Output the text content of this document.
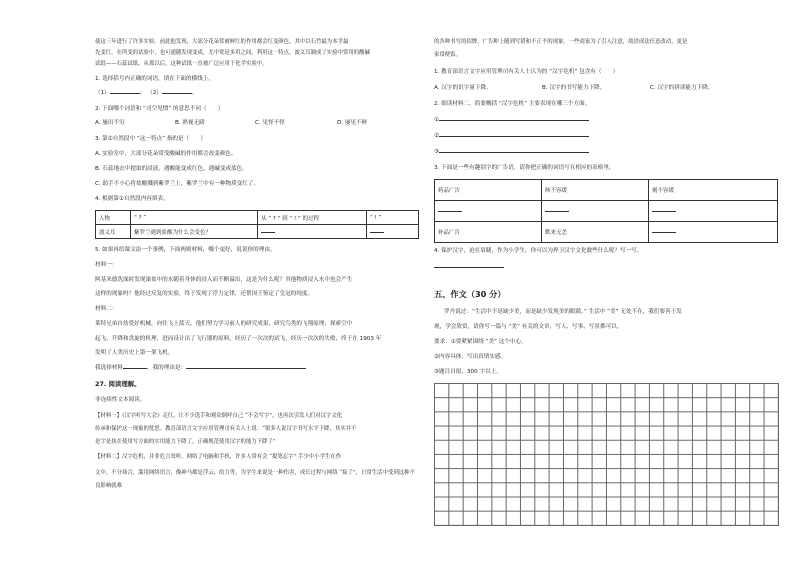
使这三年进行了许多实验。前此他发现，大部分花朵常被鲜红的作用都会红变颜色，其中以石竹最为本学最
先变红，在所变的试验中，也可通随发现变成，尤中宽是多用之间，利用这一特点，波义耳制成了实验中常用的酸碱
试纸——石蕊试纸。从那以后，这种试纸一直被广泛应用于化学实验中。
1. 选择括号内正确的词语，填在下面的横线上。
（1）	； （2）	。
2. 下面哪个词语和 “司空见惯” 的意思不同（　　）
A. 屡出不穷	B. 熟视无睹	C. 见怪不怪	D. 屡见不鲜
3. 第②自然段中 “这一特点” 指的是（　　）
A. 实验室中，大部分花朵常受酸碱的作用都会改变颜色。
B. 石蕊地衣中提取的浸液，遇酸能变成红色，遇碱变成蓝色。
C. 助手不小心将盐酸溅到紫罗兰上，紫罗兰中有一种物质变红了。
4. 根据第①自然段内容填表。
人物	“ ? ”	从 “ ? ” 到 “ ! ” 的过程	“ ! ”
波义耳	紫罗兰遇到盐酸为什么会变色？		
5. 如果再给课文添一个事例，下面两则材料，哪个更好，说说你的理由。
材料一：
阿基米德洗澡时发现澡盆中的水随着身体的浸入而不断溢出，这是为什么呢？其他物质浸入水中也会产生
这样的现象吗？他经过反复的实验，终于发现了浮力定律，还帮国王鉴定了皇冠的纯度。
材料二：
莱特兄弟自幼爱好机械，向往飞上蓝天，他们努力学习前人的研究成果，研究鸟类的飞翔原理，探索空中
起飞、升降和盘旋的机理，进而设计出了飞行器的原料，经历了一次次的试飞，经历一次次的失败，终于在 1903 年
发明了人类历史上第一架飞机。
我选择材料	，我的理由是：
27. 阅读理解。
非连续性文本阅读。
【材料一】《汉字听写大会》走红，让不少选手和观众倒呼自己 “不会写字”，也再次引发人们对汉字文化
传承和保护这一现象的忧思。教育部语言文字应用管理司有关人士说：“很多人说汉字书写水平下降，其实并不
是字是执在使用写方面的实用能力下降了，正确规范使用汉字的能力下降了”
【材料二】汉字危机，并非危言耸听。网络了电脑和手机，许多人常有会 “提笔忘字” 手少中小学生在作
文中，不分场合，滥用网络语言，像神马都是浮云、给力等，为学生来说是一种伤害，成长过程与网络 “接了”，日常生活中受到这种不良影响就难
的各种书写的招牌、广告种上随到写错和不正不的现象。一些商家为了引人注意，故语成法任意改动，更是
家常便饭。
1. 教育部语言文字应用管理司有关人士认为的 “汉字危机” 包含有（　　）
A. 汉字的识字量下降。	B. 汉字的书写能力下降。	C. 汉字的拼读能力下降。
2. 细读材料二，简要概括 “汉字危机” 主要表现在哪三个方面。
①
②
③
3. 下面是一些有趣别字的广告语，请你把正确的词语写在相应的表格里。
药品广告	咳不容缓	刻不容缓

补品广告	默来无恙	
4. 保护汉字，迫在眉睫，作为小学生，你可以为捍卫汉字文化做些什么呢？写一写。
五、作文（30 分）
罗丹说过：“生活中不是缺少美，而是缺少发现美的眼睛。” 生活中 “美” 无处不在，我们要善于发
现，学会欣赏，请你写一篇与 “美” 有关的文章，写人、写事、写景都可以。
要求：①要紧紧围绕 “美” 这个中心。
②内容具体，写出真情实感。
③题目自拟，300 字以上。
